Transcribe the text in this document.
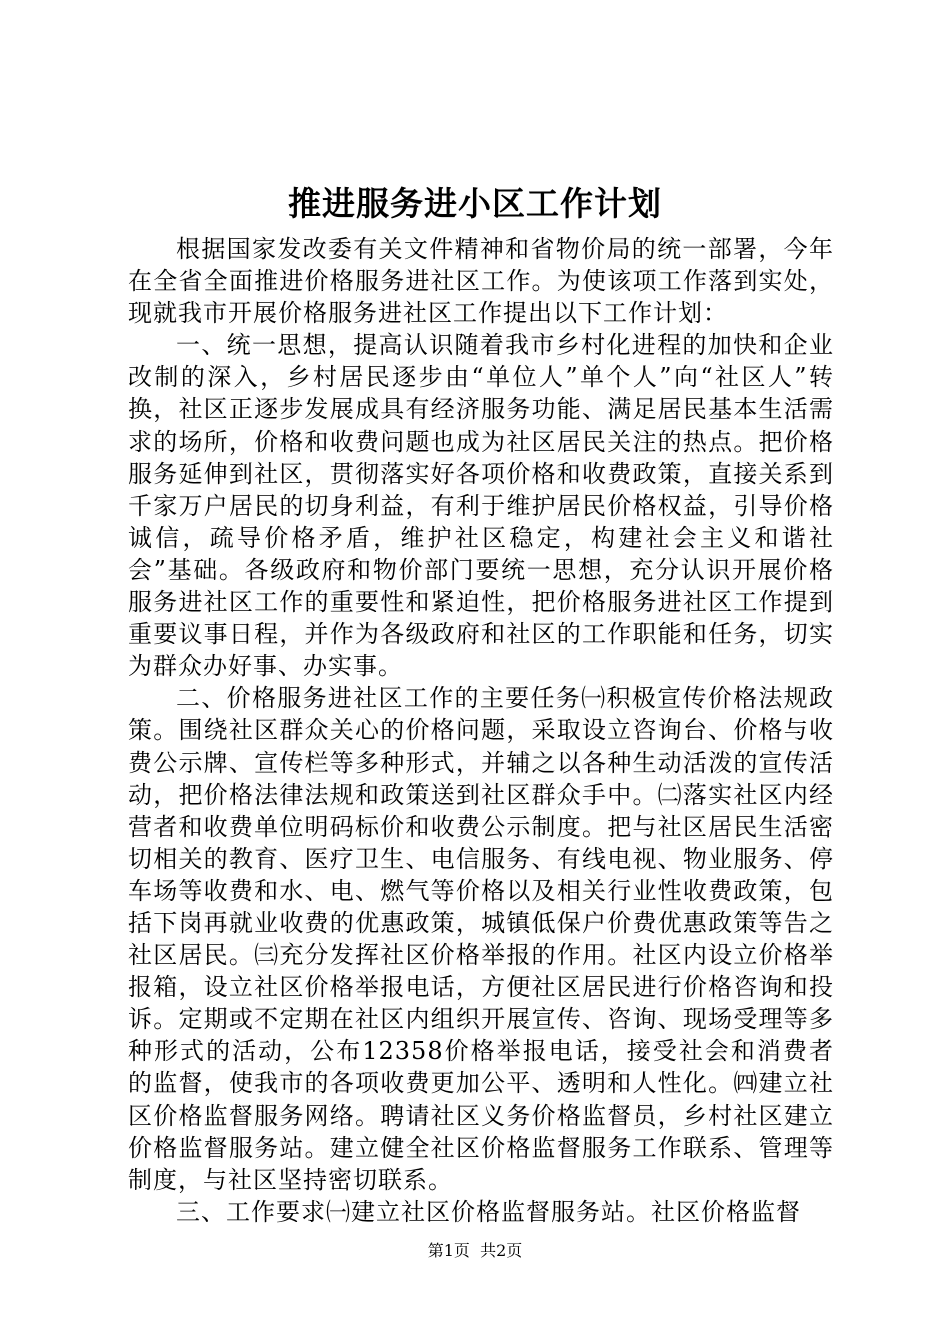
推进服务进小区工作计划

根据国家发改委有关文件精神和省物价局的统一部署，今年在全省全面推进价格服务进社区工作。为使该项工作落到实处，现就我市开展价格服务进社区工作提出以下工作计划：

一、统一思想，提高认识随着我市乡村化进程的加快和企业改制的深入，乡村居民逐步由“单位人”单个人”向“社区人”转换，社区正逐步发展成具有经济服务功能、满足居民基本生活需求的场所，价格和收费问题也成为社区居民关注的热点。把价格服务延伸到社区，贯彻落实好各项价格和收费政策，直接关系到千家万户居民的切身利益，有利于维护居民价格权益，引导价格诚信，疏导价格矛盾，维护社区稳定，构建社会主义和谐社会”基础。各级政府和物价部门要统一思想，充分认识开展价格服务进社区工作的重要性和紧迫性，把价格服务进社区工作提到重要议事日程，并作为各级政府和社区的工作职能和任务，切实为群众办好事、办实事。

二、价格服务进社区工作的主要任务㈠积极宣传价格法规政策。围绕社区群众关心的价格问题，采取设立咨询台、价格与收费公示牌、宣传栏等多种形式，并辅之以各种生动活泼的宣传活动，把价格法律法规和政策送到社区群众手中。㈡落实社区内经营者和收费单位明码标价和收费公示制度。把与社区居民生活密切相关的教育、医疗卫生、电信服务、有线电视、物业服务、停车场等收费和水、电、燃气等价格以及相关行业性收费政策，包括下岗再就业收费的优惠政策，城镇低保户价费优惠政策等告之社区居民。㈢充分发挥社区价格举报的作用。社区内设立价格举报箱，设立社区价格举报电话，方便社区居民进行价格咨询和投诉。定期或不定期在社区内组织开展宣传、咨询、现场受理等多种形式的活动，公布12358价格举报电话，接受社会和消费者的监督，使我市的各项收费更加公平、透明和人性化。㈣建立社区价格监督服务网络。聘请社区义务价格监督员，乡村社区建立价格监督服务站。建立健全社区价格监督服务工作联系、管理等制度，与社区坚持密切联系。

三、工作要求㈠建立社区价格监督服务站。社区价格监督

第1页 共2页
